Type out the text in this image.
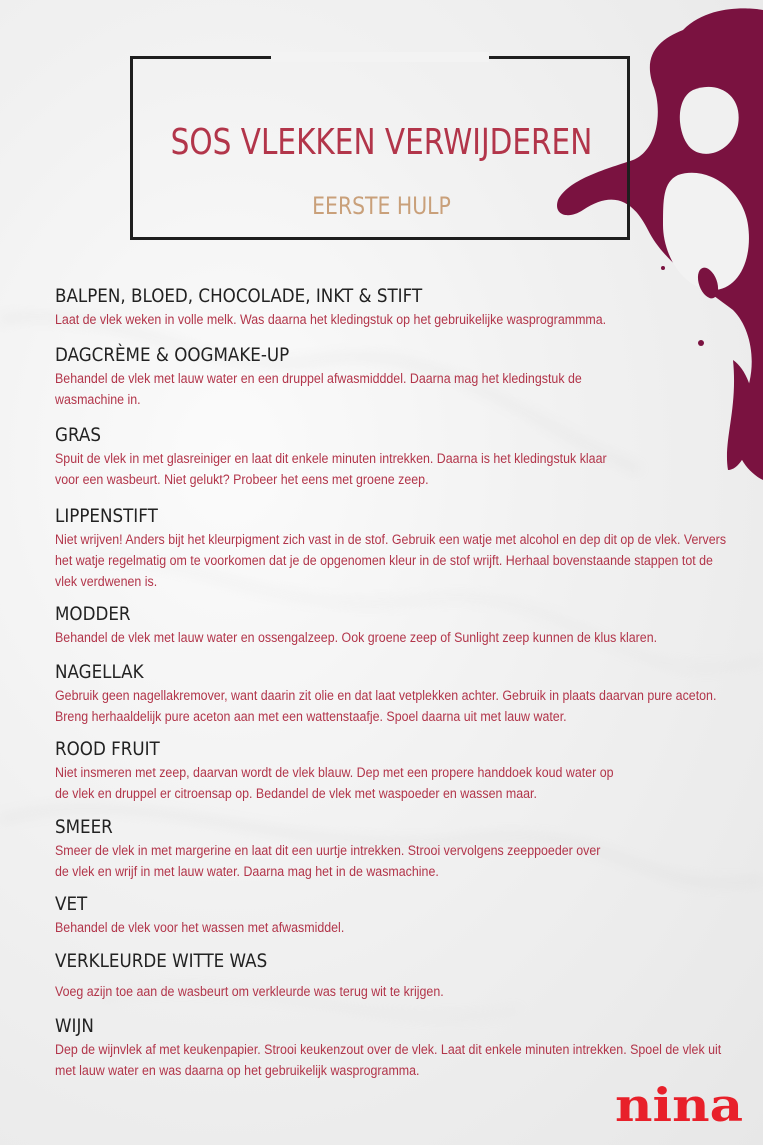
SOS VLEKKEN VERWIJDEREN
EERSTE HULP
BALPEN, BLOED, CHOCOLADE, INKT & STIFT
Laat de vlek weken in volle melk. Was daarna het kledingstuk op het gebruikelijke wasprogrammma.
DAGCRÈME & OOGMAKE-UP
Behandel de vlek met lauw water en een druppel afwasmidddel. Daarna mag het kledingstuk de wasmachine in.
GRAS
Spuit de vlek in met glasreiniger en laat dit enkele minuten intrekken. Daarna is het kledingstuk klaar voor een wasbeurt. Niet gelukt? Probeer het eens met groene zeep.
LIPPENSTIFT
Niet wrijven! Anders bijt het kleurpigment zich vast in de stof. Gebruik een watje met alcohol en dep dit op de vlek. Ververs het watje regelmatig om te voorkomen dat je de opgenomen kleur in de stof wrijft. Herhaal bovenstaande stappen tot de vlek verdwenen is.
MODDER
Behandel de vlek met lauw water en ossengalzeep. Ook groene zeep of Sunlight zeep kunnen de klus klaren.
NAGELLAK
Gebruik geen nagellakremover, want daarin zit olie en dat laat vetplekken achter. Gebruik in plaats daarvan pure aceton. Breng herhaaldelijk pure aceton aan met een wattenstaafje. Spoel daarna uit met lauw water.
ROOD FRUIT
Niet insmeren met zeep, daarvan wordt de vlek blauw. Dep met een propere handdoek koud water op de vlek en druppel er citroensap op. Bedandel de vlek met waspoeder en wassen maar.
SMEER
Smeer de vlek in met margerine en laat dit een uurtje intrekken. Strooi vervolgens zeeppoeder over de vlek en wrijf in met lauw water. Daarna mag het in de wasmachine.
VET
Behandel de vlek voor het wassen met afwasmiddel.
VERKLEURDE WITTE WAS
Voeg azijn toe aan de wasbeurt om verkleurde was terug wit te krijgen.
WIJN
Dep de wijnvlek af met keukenpapier. Strooi keukenzout over de vlek. Laat dit enkele minuten intrekken. Spoel de vlek uit met lauw water en was daarna op het gebruikelijk wasprogramma.
nina
